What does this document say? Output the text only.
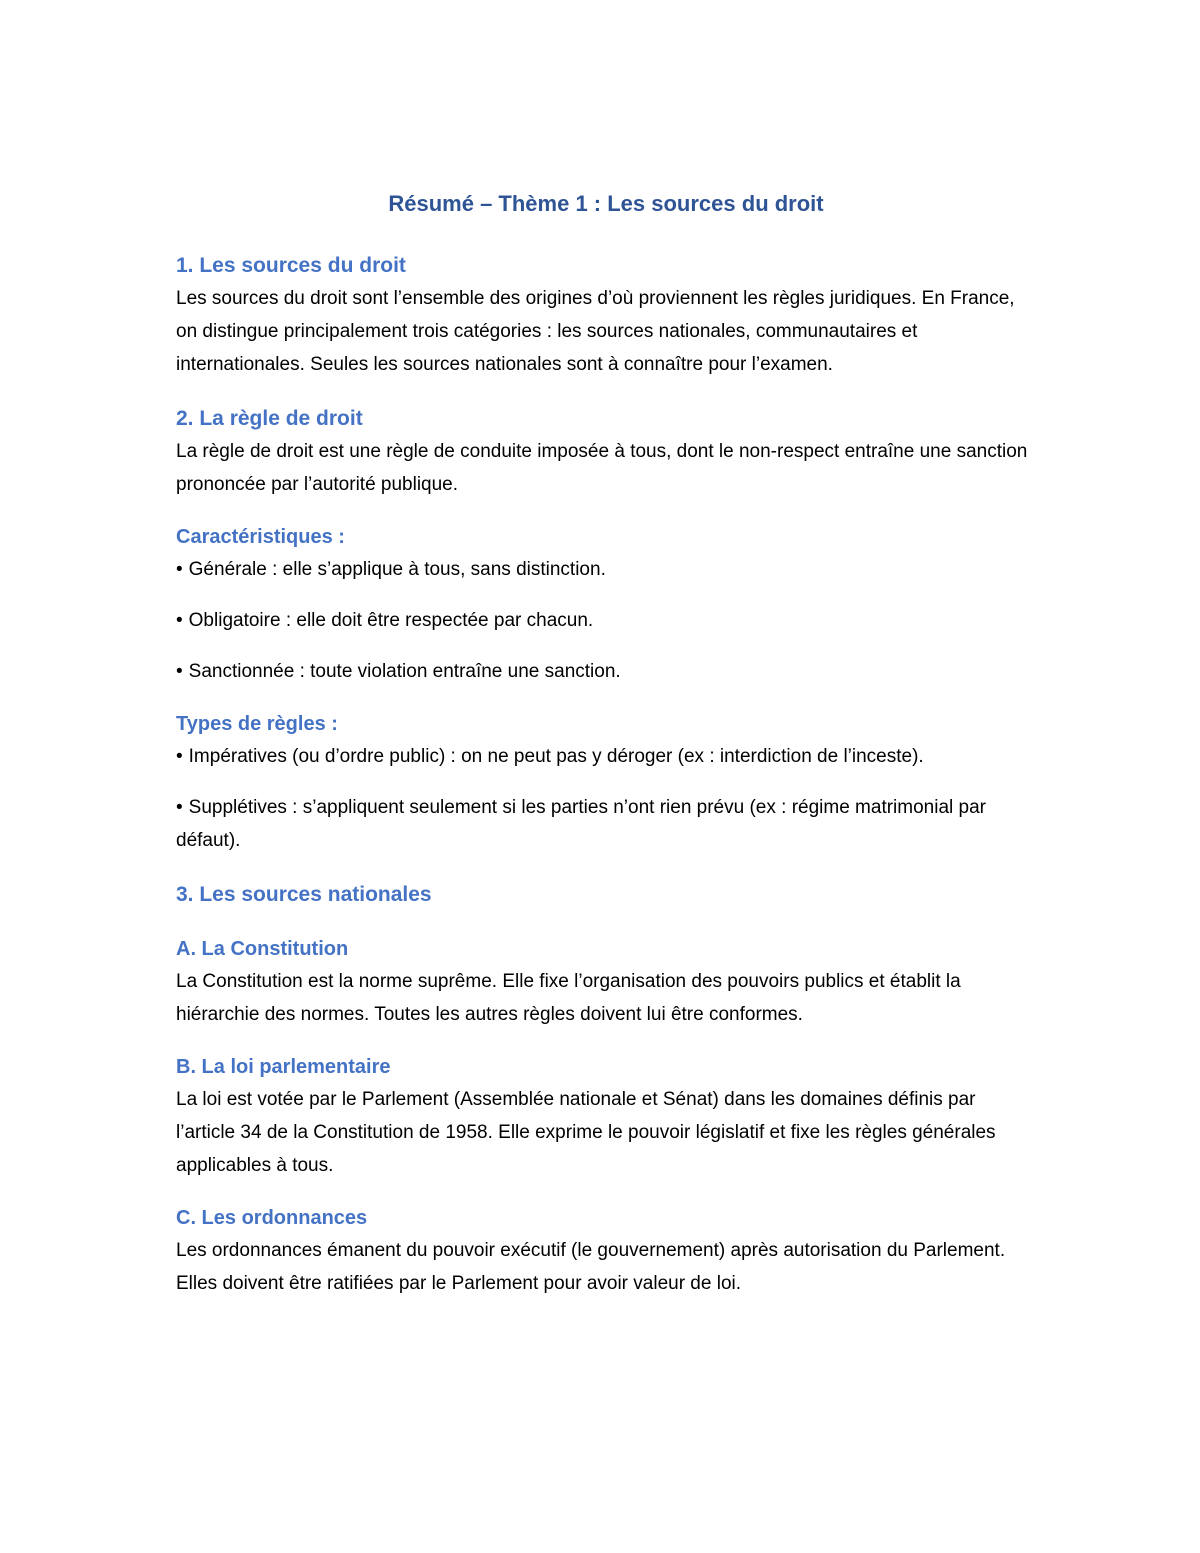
Résumé – Thème 1 : Les sources du droit
1. Les sources du droit
Les sources du droit sont l’ensemble des origines d’où proviennent les règles juridiques. En France, on distingue principalement trois catégories : les sources nationales, communautaires et internationales. Seules les sources nationales sont à connaître pour l’examen.
2. La règle de droit
La règle de droit est une règle de conduite imposée à tous, dont le non-respect entraîne une sanction prononcée par l’autorité publique.
Caractéristiques :
• Générale : elle s’applique à tous, sans distinction.
• Obligatoire : elle doit être respectée par chacun.
• Sanctionnée : toute violation entraîne une sanction.
Types de règles :
• Impératives (ou d’ordre public) : on ne peut pas y déroger (ex : interdiction de l’inceste).
• Supplétives : s’appliquent seulement si les parties n’ont rien prévu (ex : régime matrimonial par défaut).
3. Les sources nationales
A. La Constitution
La Constitution est la norme suprême. Elle fixe l’organisation des pouvoirs publics et établit la hiérarchie des normes. Toutes les autres règles doivent lui être conformes.
B. La loi parlementaire
La loi est votée par le Parlement (Assemblée nationale et Sénat) dans les domaines définis par l’article 34 de la Constitution de 1958. Elle exprime le pouvoir législatif et fixe les règles générales applicables à tous.
C. Les ordonnances
Les ordonnances émanent du pouvoir exécutif (le gouvernement) après autorisation du Parlement. Elles doivent être ratifiées par le Parlement pour avoir valeur de loi.
